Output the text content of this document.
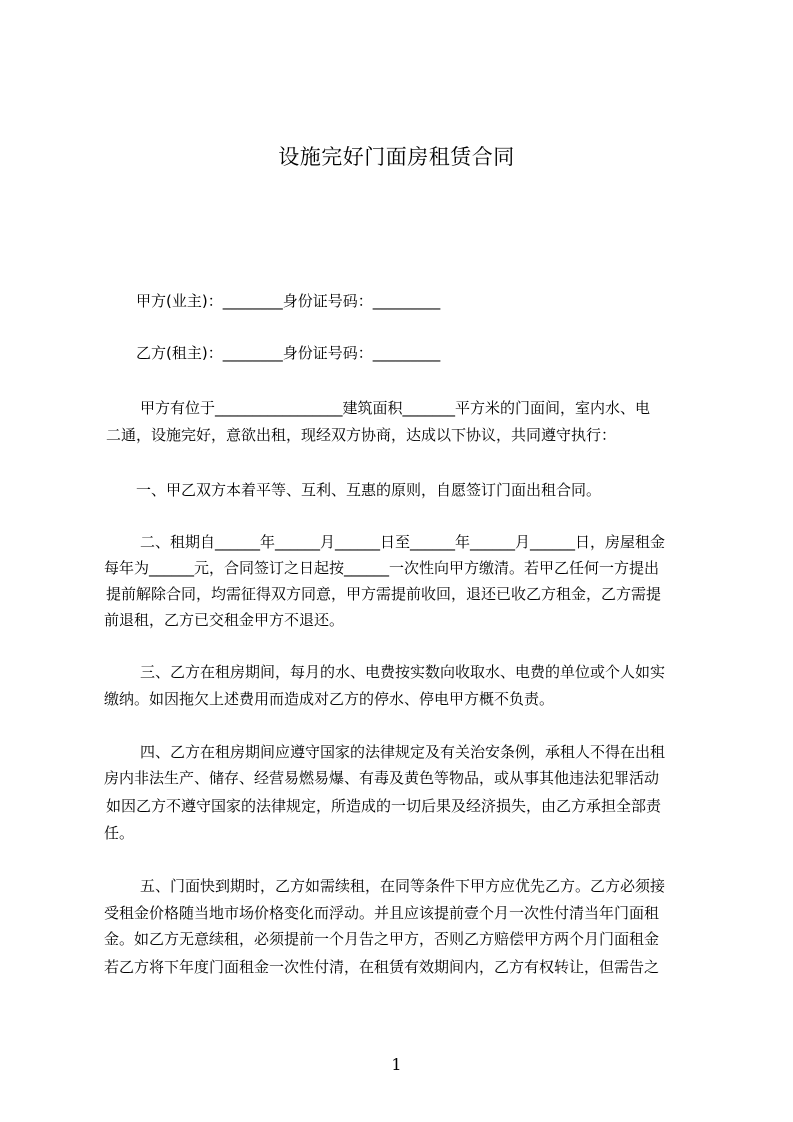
设施完好门面房租赁合同
甲方(业主)：________身份证号码：_________
乙方(租主)：________身份证号码：_________
甲方有位于_________________建筑面积_______平方米的门面间，室内水、电
二通，设施完好，意欲出租，现经双方协商，达成以下协议，共同遵守执行：
一、甲乙双方本着平等、互利、互惠的原则，自愿签订门面出租合同。
二、租期自______年______月______日至______年______月______日，房屋租金
每年为______元，合同签订之日起按______一次性向甲方缴清。若甲乙任何一方提出
提前解除合同，均需征得双方同意，甲方需提前收回，退还已收乙方租金，乙方需提
前退租，乙方已交租金甲方不退还。
三、乙方在租房期间，每月的水、电费按实数向收取水、电费的单位或个人如实
缴纳。如因拖欠上述费用而造成对乙方的停水、停电甲方概不负责。
四、乙方在租房期间应遵守国家的法律规定及有关治安条例，承租人不得在出租
房内非法生产、储存、经营易燃易爆、有毒及黄色等物品，或从事其他违法犯罪活动
如因乙方不遵守国家的法律规定，所造成的一切后果及经济损失，由乙方承担全部责
任。
五、门面快到期时，乙方如需续租，在同等条件下甲方应优先乙方。乙方必须接
受租金价格随当地市场价格变化而浮动。并且应该提前壹个月一次性付清当年门面租
金。如乙方无意续租，必须提前一个月告之甲方，否则乙方赔偿甲方两个月门面租金
若乙方将下年度门面租金一次性付清，在租赁有效期间内，乙方有权转让，但需告之
1
